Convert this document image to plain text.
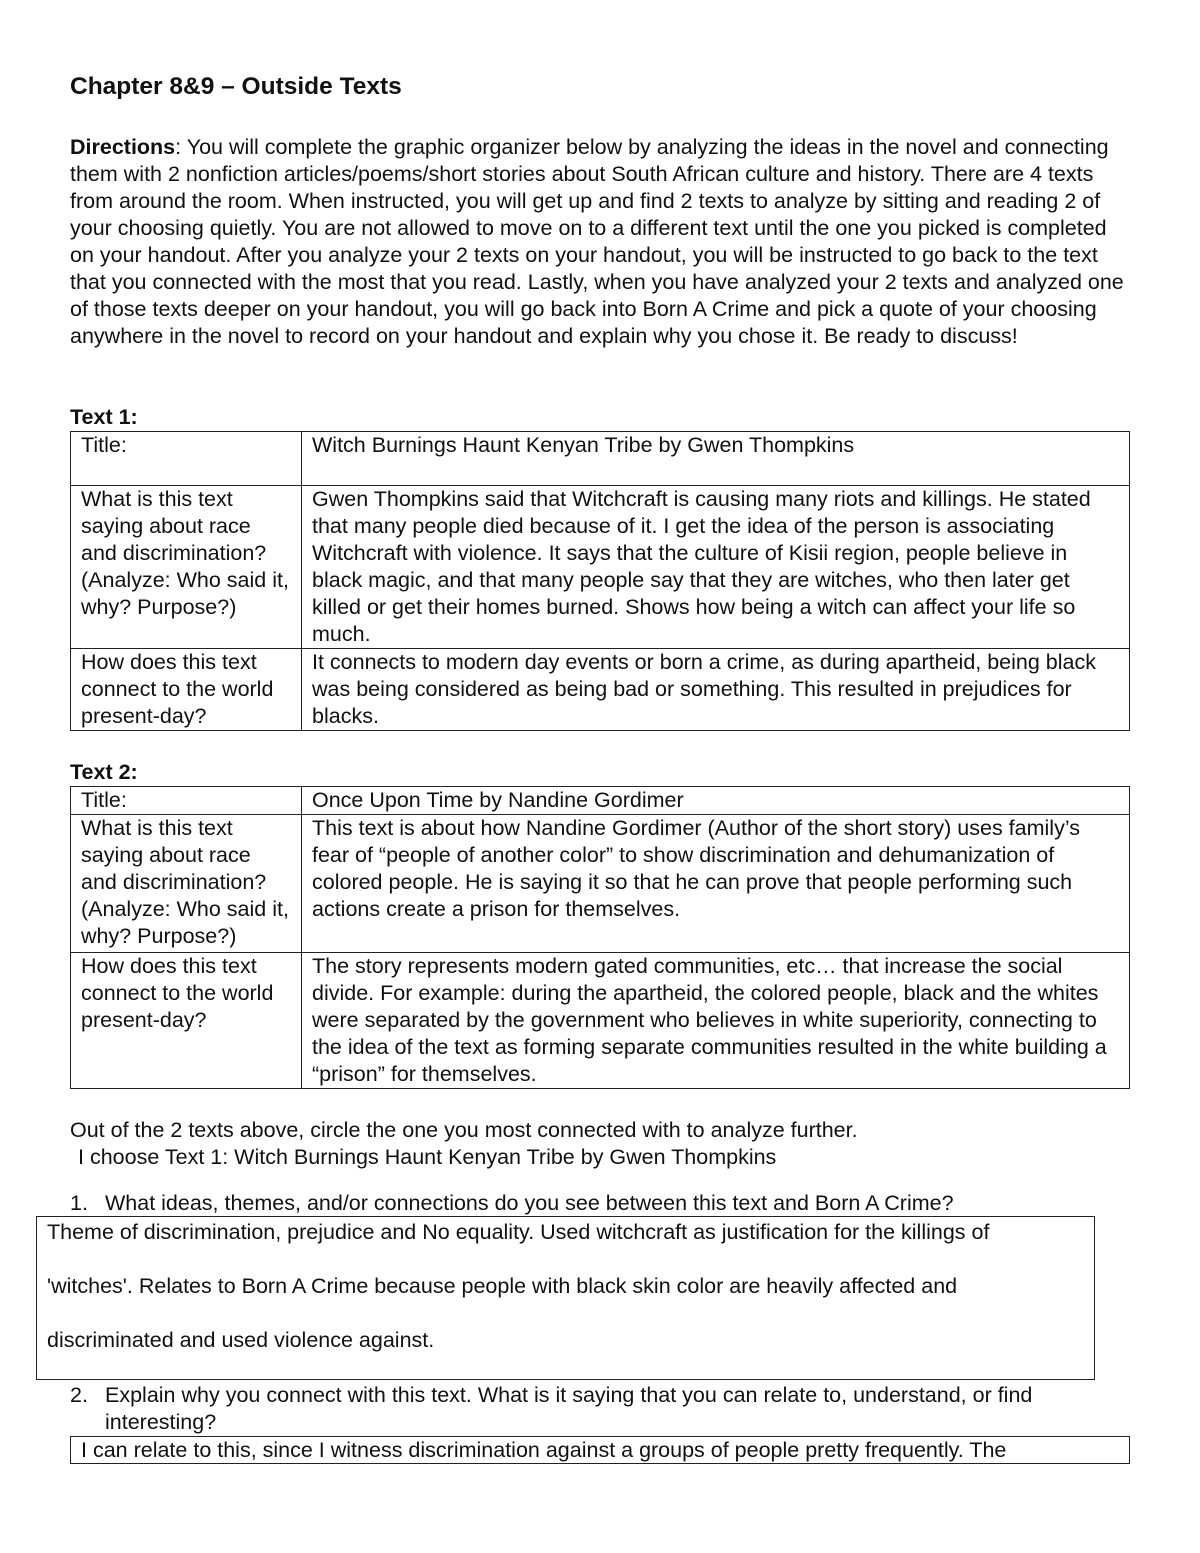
Chapter 8&9 – Outside Texts
Directions: You will complete the graphic organizer below by analyzing the ideas in the novel and connecting them with 2 nonfiction articles/poems/short stories about South African culture and history. There are 4 texts from around the room. When instructed, you will get up and find 2 texts to analyze by sitting and reading 2 of your choosing quietly. You are not allowed to move on to a different text until the one you picked is completed on your handout. After you analyze your 2 texts on your handout, you will be instructed to go back to the text that you connected with the most that you read. Lastly, when you have analyzed your 2 texts and analyzed one of those texts deeper on your handout, you will go back into Born A Crime and pick a quote of your choosing anywhere in the novel to record on your handout and explain why you chose it. Be ready to discuss!
Text 1:
Title:	Witch Burnings Haunt Kenyan Tribe by Gwen Thompkins
What is this text saying about race and discrimination? (Analyze: Who said it, why? Purpose?)	Gwen Thompkins said that Witchcraft is causing many riots and killings. He stated that many people died because of it. I get the idea of the person is associating Witchcraft with violence. It says that the culture of Kisii region, people believe in black magic, and that many people say that they are witches, who then later get killed or get their homes burned. Shows how being a witch can affect your life so much.
How does this text connect to the world present-day?	It connects to modern day events or born a crime, as during apartheid, being black was being considered as being bad or something. This resulted in prejudices for blacks.
Text 2:
Title:	Once Upon Time by Nandine Gordimer
What is this text saying about race and discrimination? (Analyze: Who said it, why? Purpose?)	This text is about how Nandine Gordimer (Author of the short story) uses family’s fear of “people of another color” to show discrimination and dehumanization of colored people. He is saying it so that he can prove that people performing such actions create a prison for themselves.
How does this text connect to the world present-day?	The story represents modern gated communities, etc… that increase the social divide. For example: during the apartheid, the colored people, black and the whites were separated by the government who believes in white superiority, connecting to the idea of the text as forming separate communities resulted in the white building a “prison” for themselves.
Out of the 2 texts above, circle the one you most connected with to analyze further.
I choose Text 1: Witch Burnings Haunt Kenyan Tribe by Gwen Thompkins
1. What ideas, themes, and/or connections do you see between this text and Born A Crime?
Theme of discrimination, prejudice and No equality. Used witchcraft as justification for the killings of
'witches'. Relates to Born A Crime because people with black skin color are heavily affected and
discriminated and used violence against.
2. Explain why you connect with this text. What is it saying that you can relate to, understand, or find interesting?
I can relate to this, since I witness discrimination against a groups of people pretty frequently. The
